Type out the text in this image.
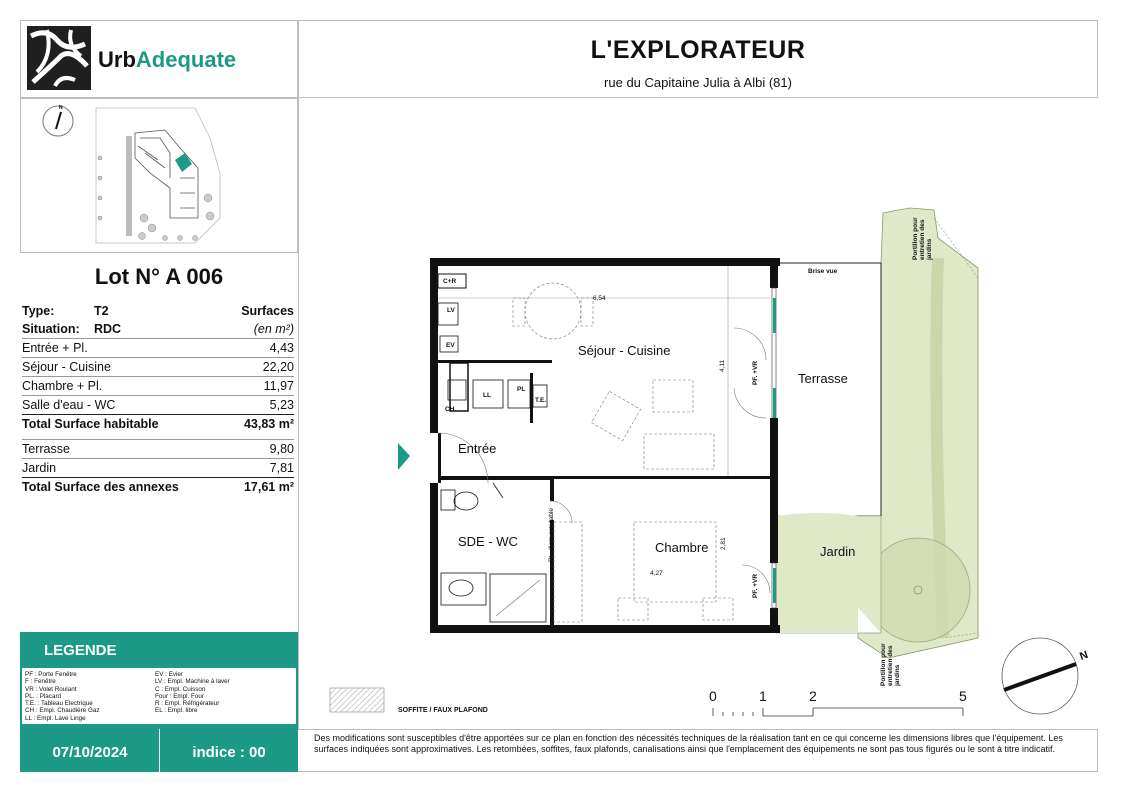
UrbAdequate	L'EXPLORATEUR
rue du Capitaine Julia à Albi (81)
N
Lot N° A 006
Type:	T2	Surfaces
Situation:	RDC	(en m²)
Entrée + Pl.		4,43
Séjour - Cuisine		22,20
Chambre + Pl.		11,97
Salle d'eau - WC		5,23
Total Surface habitable		43,83 m²

Terrasse		9,80
Jardin		7,81
Total Surface des annexes		17,61 m²
LEGENDE
PF : Porte Fenêtre
F : Fenêtre
VR : Volet Roulant
PL. : Placard
T.E. : Tableau Electrique
CH : Empl. Chaudière Gaz
LL : Empl. Lave Linge
EV : Evier
LV : Empl. Machine à laver
C : Empl. Cuisson
Four : Empl. Four
R : Empl. Réfrigérateur
EL : Empl. libre
07/10/2024	indice : 00
Des modifications sont susceptibles d'être apportées sur ce plan en fonction des nécessités techniques de la réalisation tant en ce qui concerne les dimensions libres que l'équipement. Les surfaces indiquées sont approximatives. Les retombées, soffites, faux plafonds, canalisations ainsi que l'emplacement des équipements ne sont pas tous figurés ou le sont à titre indicatif.
Séjour - Cuisine
Entrée
SDE - WC	Chambre
Terrasse
Jardin
C+R
LV
EV
CH
LL
PL
T.E.
Brise vue
PF. +VR
PF. +VR
PL. d'em croutable
Portillon pour entretien des jardins
Portillon pour entretien des jardins
6,54
4,11
2,81
4,27
SOFFITE / FAUX PLAFOND
0	1	2	5
N
